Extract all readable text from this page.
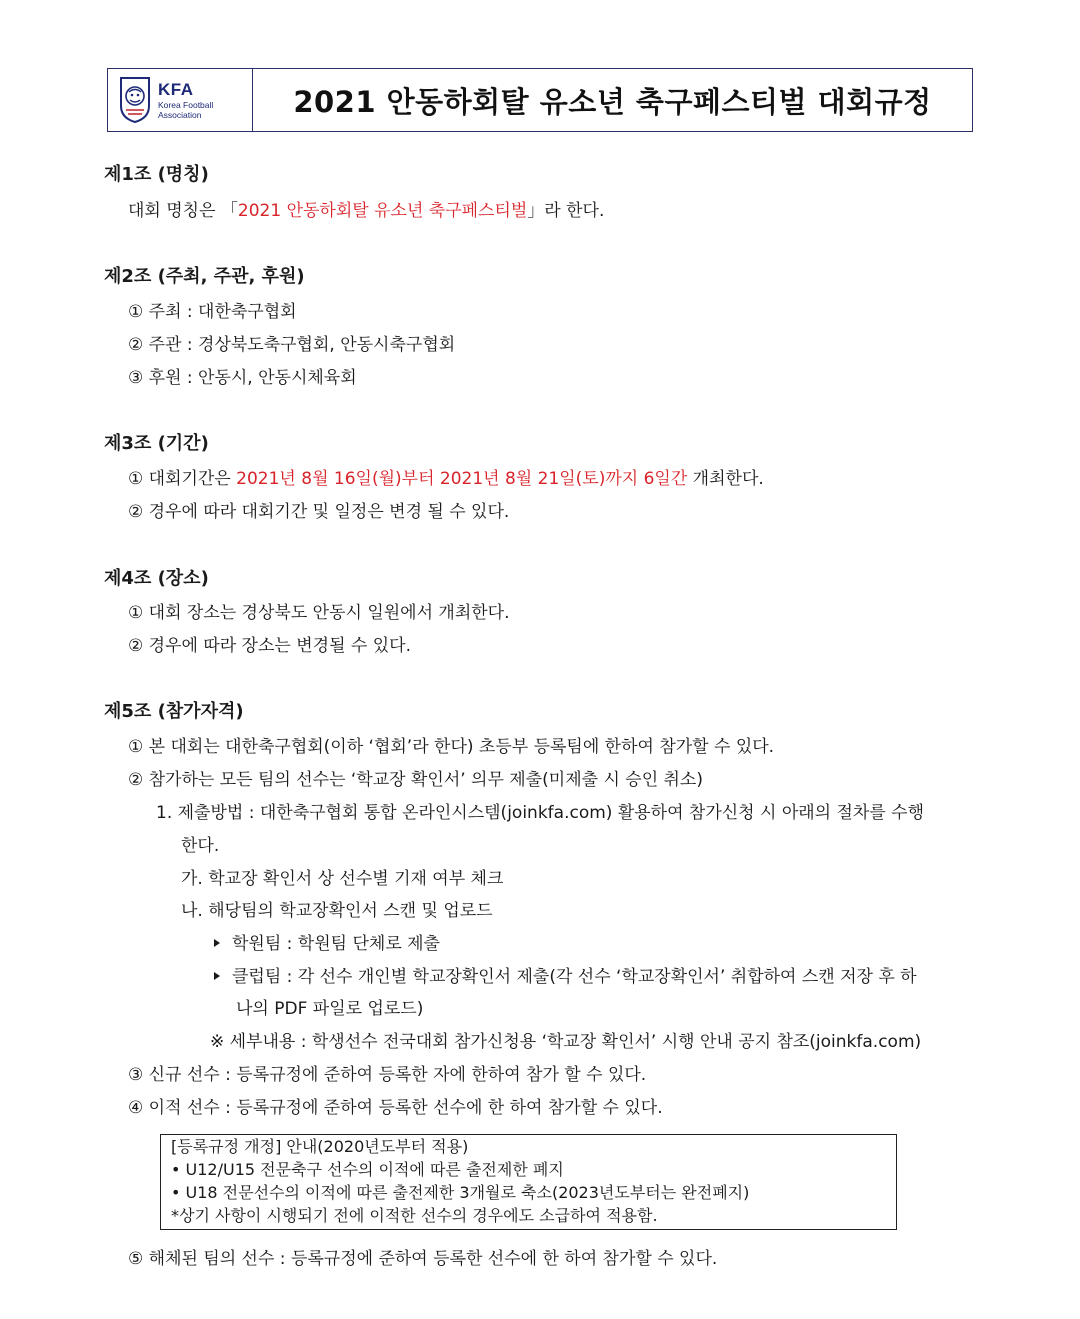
KFA
Korea Football
Association	2021 안동하회탈 유소년 축구페스티벌 대회규정
제1조 (명칭)
대회 명칭은 「2021 안동하회탈 유소년 축구페스티벌」라 한다.
제2조 (주최, 주관, 후원)
① 주최 : 대한축구협회
② 주관 : 경상북도축구협회, 안동시축구협회
③ 후원 : 안동시, 안동시체육회
제3조 (기간)
① 대회기간은 2021년 8월 16일(월)부터 2021년 8월 21일(토)까지 6일간 개최한다.
② 경우에 따라 대회기간 및 일정은 변경 될 수 있다.
제4조 (장소)
① 대회 장소는 경상북도 안동시 일원에서 개최한다.
② 경우에 따라 장소는 변경될 수 있다.
제5조 (참가자격)
① 본 대회는 대한축구협회(이하 ‘협회’라 한다) 초등부 등록팀에 한하여 참가할 수 있다.
② 참가하는 모든 팀의 선수는 ‘학교장 확인서’ 의무 제출(미제출 시 승인 취소)
1. 제출방법 : 대한축구협회 통합 온라인시스템(joinkfa.com) 활용하여 참가신청 시 아래의 절차를 수행
한다.
가. 학교장 확인서 상 선수별 기재 여부 체크
나. 해당팀의 학교장확인서 스캔 및 업로드
학원팀 : 학원팀 단체로 제출
클럽팀 : 각 선수 개인별 학교장확인서 제출(각 선수 ‘학교장확인서’ 취합하여 스캔 저장 후 하
나의 PDF 파일로 업로드)
※ 세부내용 : 학생선수 전국대회 참가신청용 ‘학교장 확인서’ 시행 안내 공지 참조(joinkfa.com)
③ 신규 선수 : 등록규정에 준하여 등록한 자에 한하여 참가 할 수 있다.
④ 이적 선수 : 등록규정에 준하여 등록한 선수에 한 하여 참가할 수 있다.
[등록규정 개정] 안내(2020년도부터 적용)
• U12/U15 전문축구 선수의 이적에 따른 출전제한 폐지
• U18 전문선수의 이적에 따른 출전제한 3개월로 축소(2023년도부터는 완전폐지)
*상기 사항이 시행되기 전에 이적한 선수의 경우에도 소급하여 적용함.
⑤ 해체된 팀의 선수 : 등록규정에 준하여 등록한 선수에 한 하여 참가할 수 있다.
